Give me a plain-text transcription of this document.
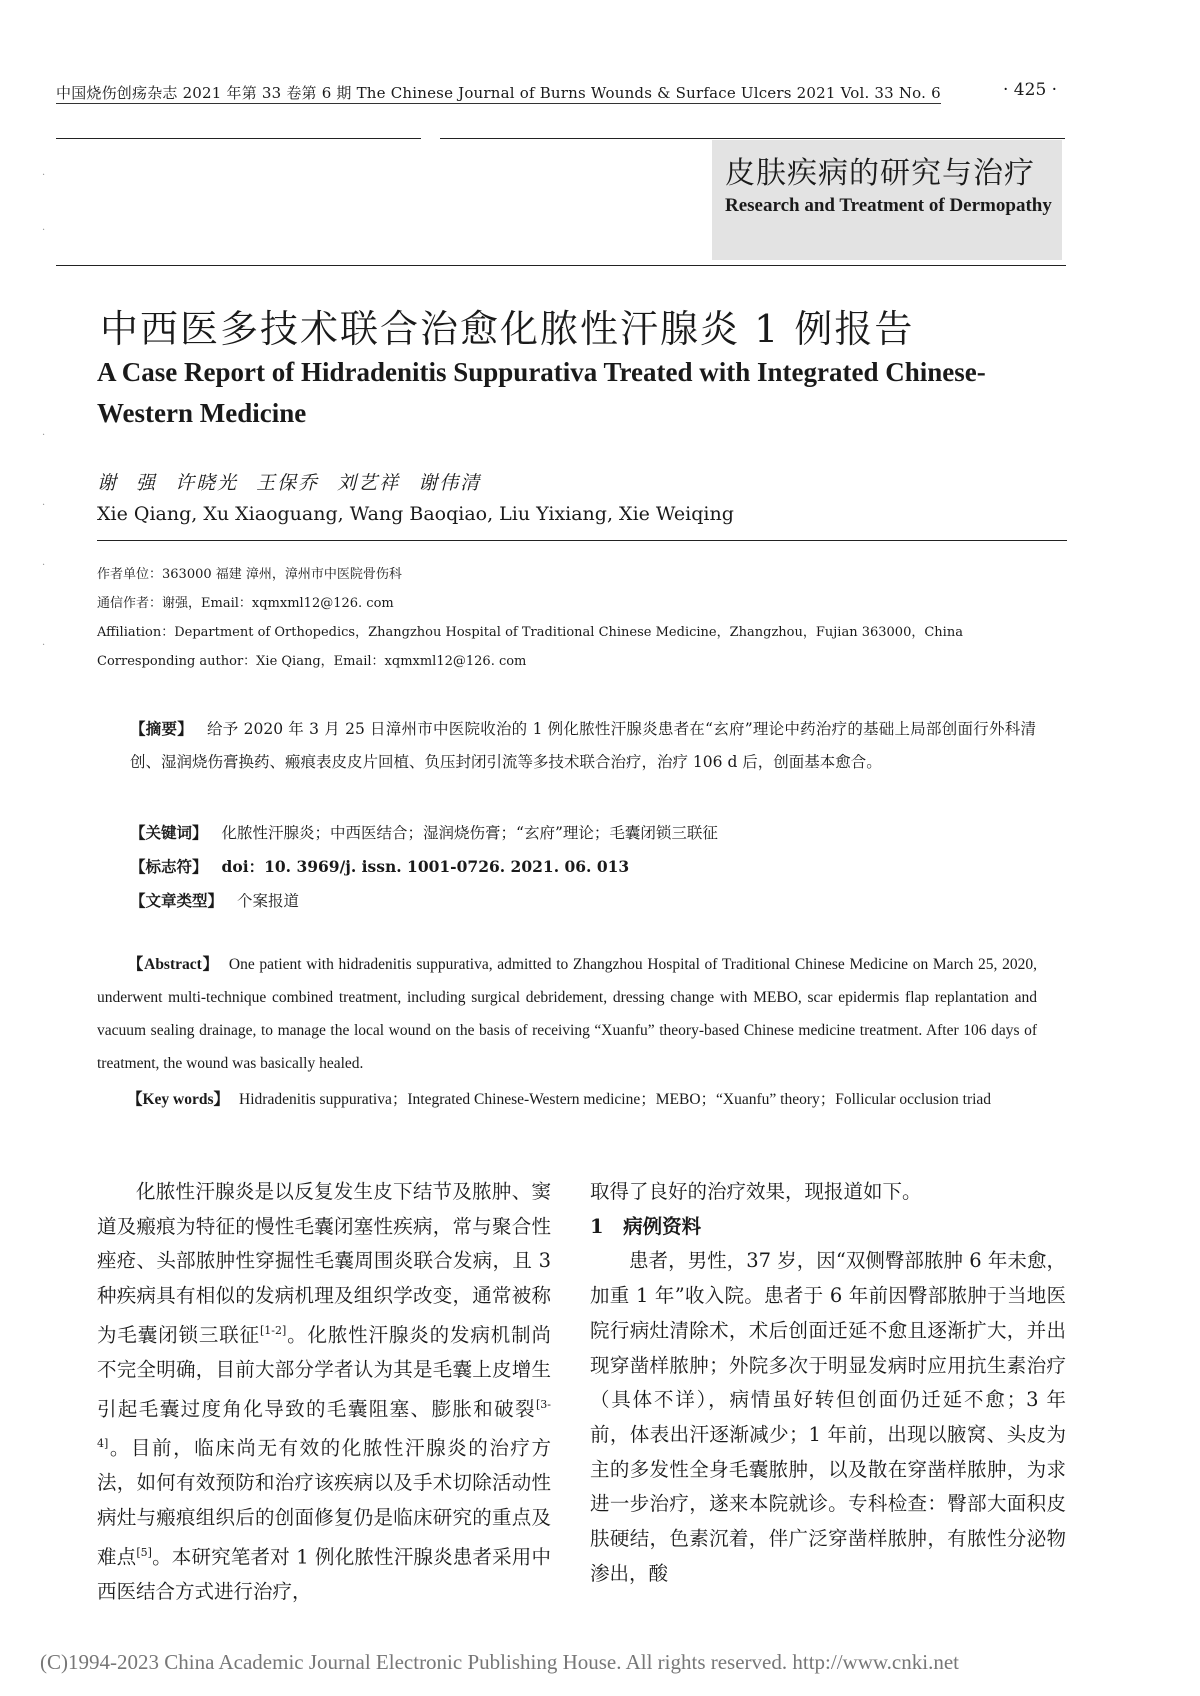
中国烧伤创疡杂志 2021 年第 33 卷第 6 期 The Chinese Journal of Burns Wounds & Surface Ulcers 2021 Vol. 33 No. 6	· 425 ·
皮肤疾病的研究与治疗
Research and Treatment of Dermopathy
中西医多技术联合治愈化脓性汗腺炎 1 例报告
A Case Report of Hidradenitis Suppurativa Treated with Integrated Chinese-Western Medicine
谢 强 许晓光 王保乔 刘艺祥 谢伟清
Xie Qiang, Xu Xiaoguang, Wang Baoqiao, Liu Yixiang, Xie Weiqing
作者单位：363000 福建 漳州，漳州市中医院骨伤科
通信作者：谢强，Email：xqmxml12@126. com
Affiliation：Department of Orthopedics，Zhangzhou Hospital of Traditional Chinese Medicine，Zhangzhou，Fujian 363000，China
Corresponding author：Xie Qiang，Email：xqmxml12@126. com
【摘要】 给予 2020 年 3 月 25 日漳州市中医院收治的 1 例化脓性汗腺炎患者在“玄府”理论中药治疗的基础上局部创面行外科清创、湿润烧伤膏换药、瘢痕表皮皮片回植、负压封闭引流等多技术联合治疗，治疗 106 d 后，创面基本愈合。
【关键词】 化脓性汗腺炎；中西医结合；湿润烧伤膏；“玄府”理论；毛囊闭锁三联征
【标志符】 doi：10. 3969/j. issn. 1001-0726. 2021. 06. 013
【文章类型】 个案报道
【Abstract】 One patient with hidradenitis suppurativa, admitted to Zhangzhou Hospital of Traditional Chinese Medicine on March 25, 2020, underwent multi-technique combined treatment, including surgical debridement, dressing change with MEBO, scar epidermis flap replantation and vacuum sealing drainage, to manage the local wound on the basis of receiving “Xuanfu” theory-based Chinese medicine treatment. After 106 days of treatment, the wound was basically healed.
【Key words】 Hidradenitis suppurativa；Integrated Chinese-Western medicine；MEBO；“Xuanfu” theory；Follicular occlusion triad

化脓性汗腺炎是以反复发生皮下结节及脓肿、窦道及瘢痕为特征的慢性毛囊闭塞性疾病，常与聚合性痤疮、头部脓肿性穿掘性毛囊周围炎联合发病，且 3 种疾病具有相似的发病机理及组织学改变，通常被称为毛囊闭锁三联征[1-2]。化脓性汗腺炎的发病机制尚不完全明确，目前大部分学者认为其是毛囊上皮增生引起毛囊过度角化导致的毛囊阻塞、膨胀和破裂[3-4]。目前，临床尚无有效的化脓性汗腺炎的治疗方法，如何有效预防和治疗该疾病以及手术切除活动性病灶与瘢痕组织后的创面修复仍是临床研究的重点及难点[5]。本研究笔者对 1 例化脓性汗腺炎患者采用中西医结合方式进行治疗，

取得了良好的治疗效果，现报道如下。

1　病例资料

患者，男性，37 岁，因“双侧臀部脓肿 6 年未愈，加重 1 年”收入院。患者于 6 年前因臀部脓肿于当地医院行病灶清除术，术后创面迁延不愈且逐渐扩大，并出现穿凿样脓肿；外院多次于明显发病时应用抗生素治疗（具体不详），病情虽好转但创面仍迁延不愈；3 年前，体表出汗逐渐减少；1 年前，出现以腋窝、头皮为主的多发性全身毛囊脓肿，以及散在穿凿样脓肿，为求进一步治疗，遂来本院就诊。专科检查：臀部大面积皮肤硬结，色素沉着，伴广泛穿凿样脓肿，有脓性分泌物渗出，酸

·
·
·
·
·
·
(C)1994-2023 China Academic Journal Electronic Publishing House. All rights reserved. http://www.cnki.net
